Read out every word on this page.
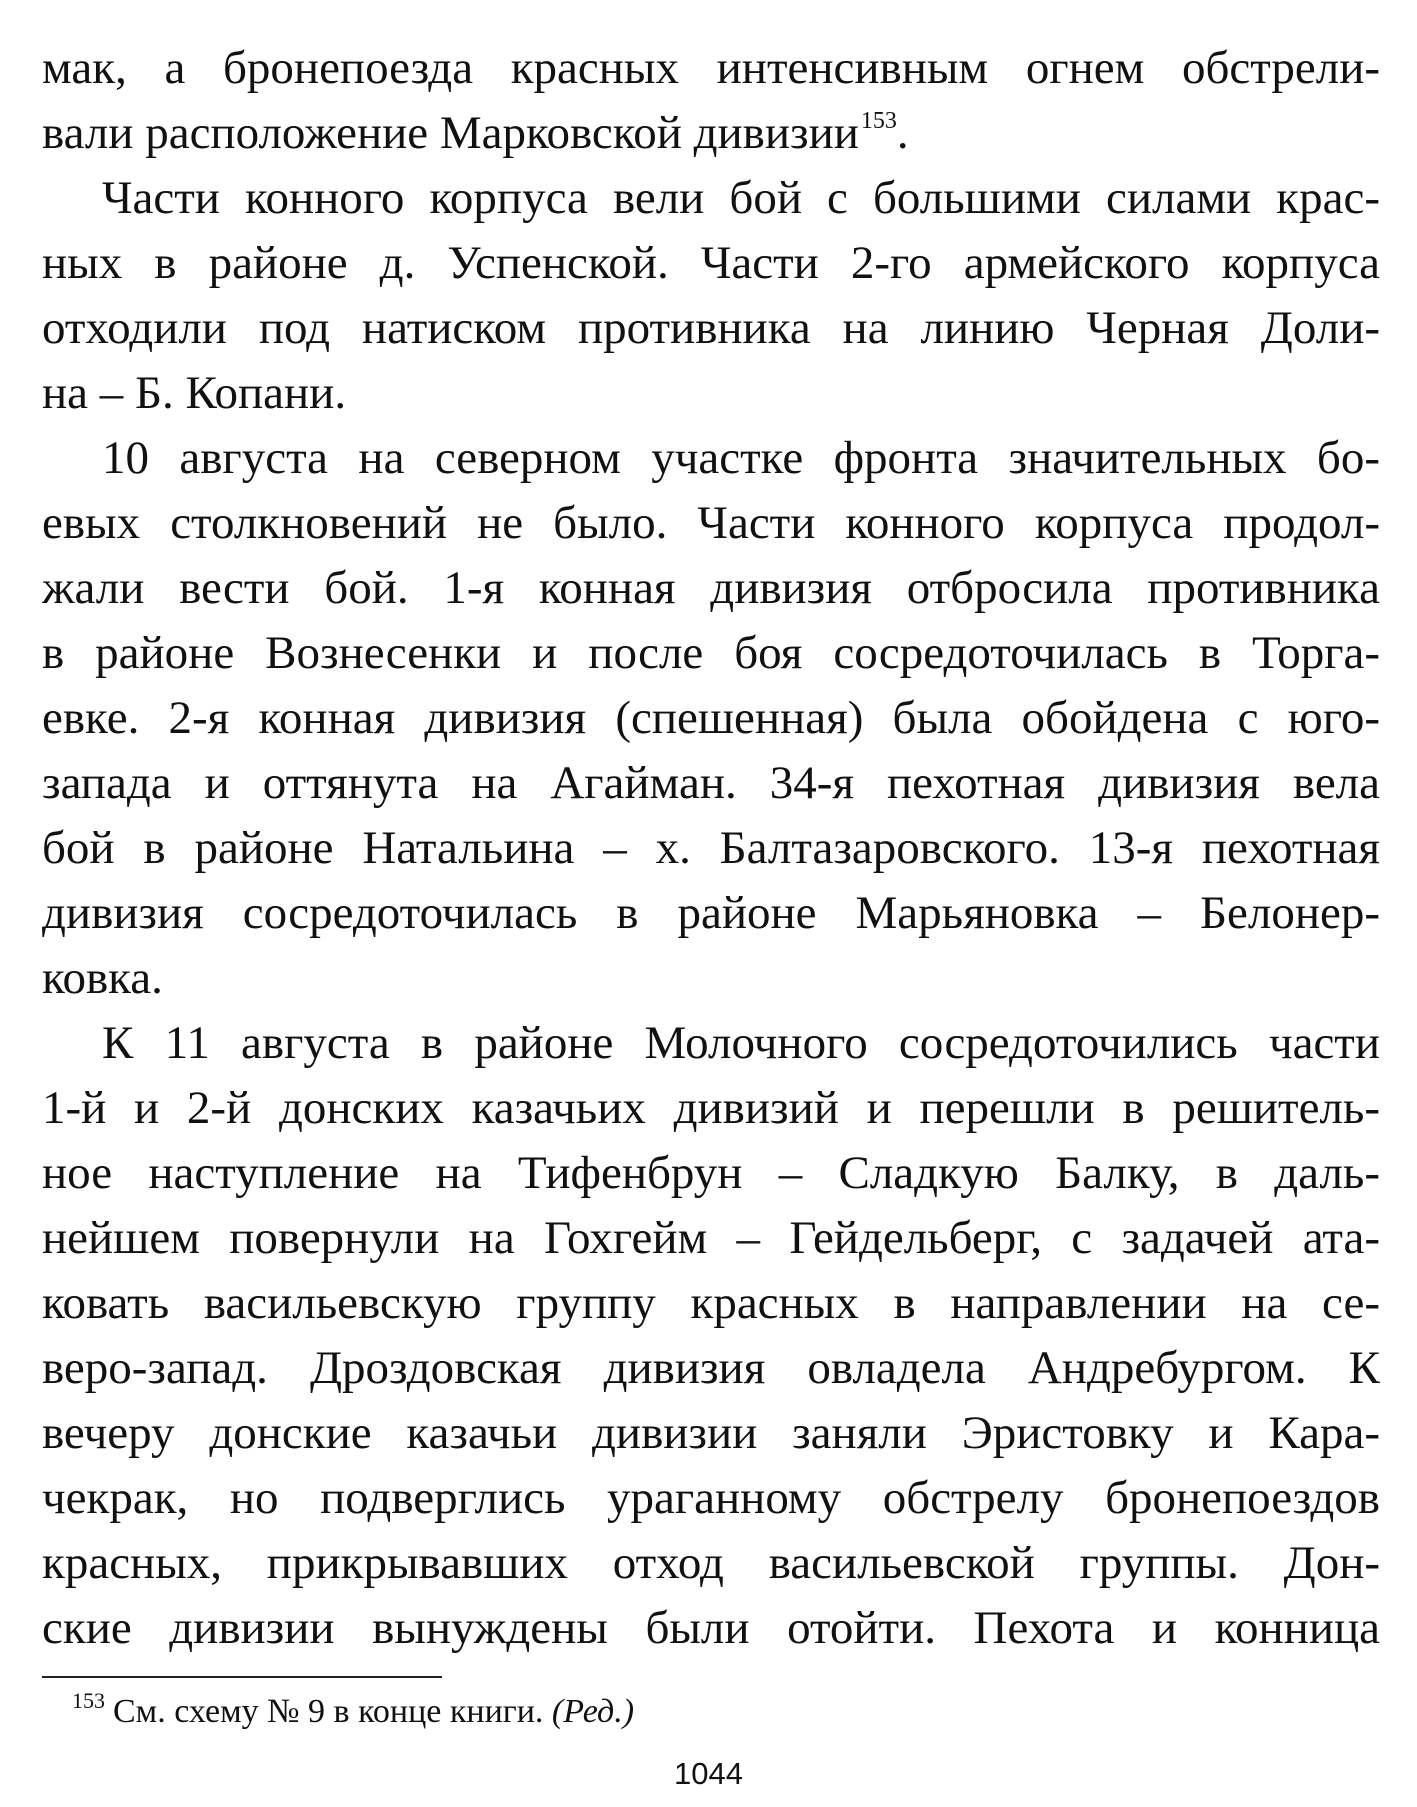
мак, а бронепоезда красных интенсивным огнем обстрели-
вали расположение Марковской дивизии$^{153}$.
Части конного корпуса вели бой с большими силами крас-
ных в районе д. Успенской. Части 2-го армейского корпуса
отходили под натиском противника на линию Черная Доли-
на – Б. Копани.
10 августа на северном участке фронта значительных бо-
евых столкновений не было. Части конного корпуса продол-
жали вести бой. 1-я конная дивизия отбросила противника
в районе Вознесенки и после боя сосредоточилась в Торга-
евке. 2-я конная дивизия (спешенная) была обойдена с юго-
запада и оттянута на Агайман. 34-я пехотная дивизия вела
бой в районе Натальина – х. Балтазаровского. 13-я пехотная
дивизия сосредоточилась в районе Марьяновка – Белонер-
ковка.
К 11 августа в районе Молочного сосредоточились части
1-й и 2-й донских казачьих дивизий и перешли в решитель-
ное наступление на Тифенбрун – Сладкую Балку, в даль-
нейшем повернули на Гохгейм – Гейдельберг, с задачей ата-
ковать васильевскую группу красных в направлении на се-
веро-запад. Дроздовская дивизия овладела Андребургом. К
вечеру донские казачьи дивизии заняли Эристовку и Кара-
чекрак, но подверглись ураганному обстрелу бронепоездов
красных, прикрывавших отход васильевской группы. Дон-
ские дивизии вынуждены были отойти. Пехота и конница
$^{153}$ См. схему № 9 в конце книги. (Ред.)
1044
